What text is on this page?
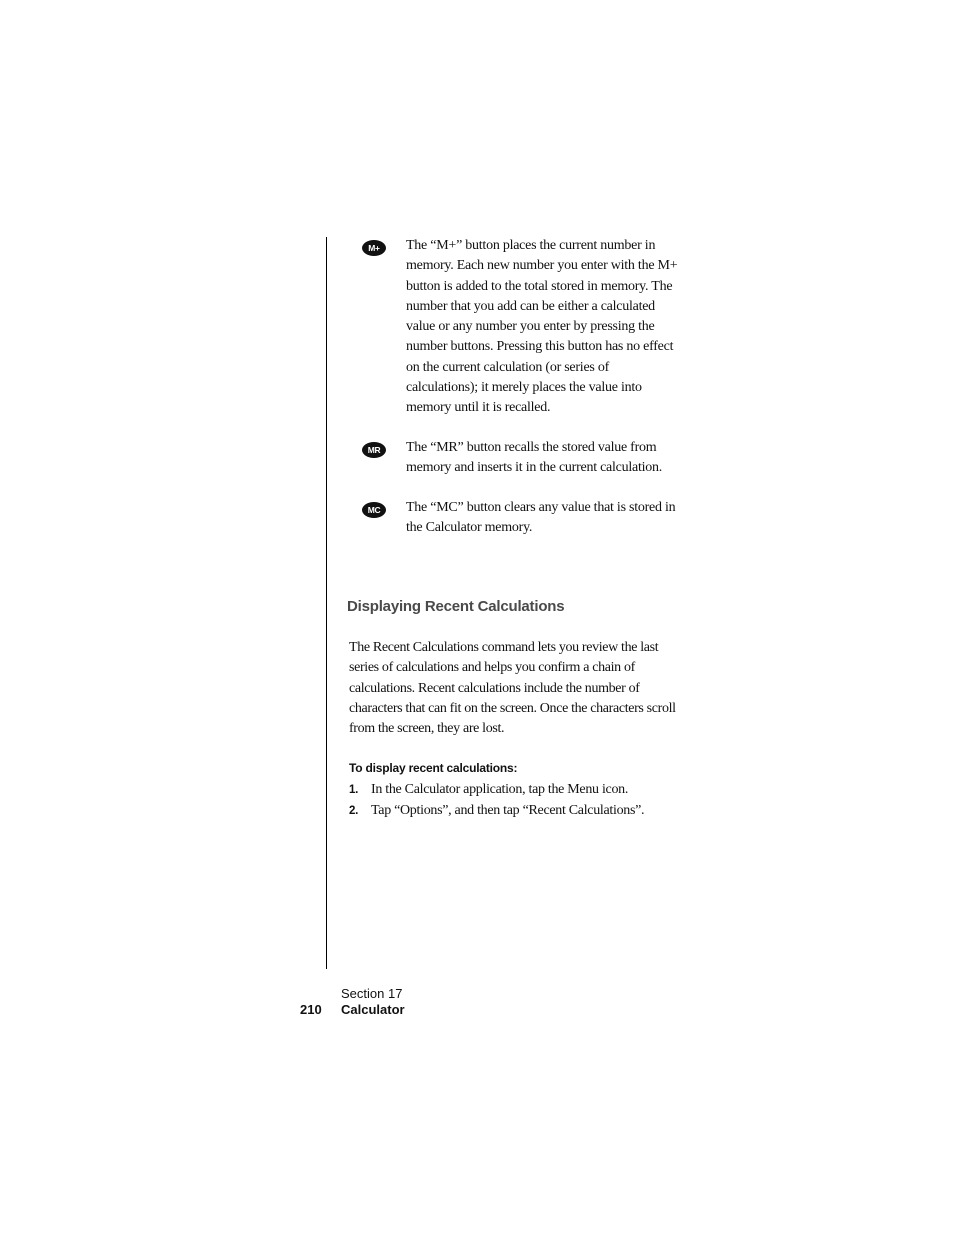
M+	The “M+” button places the current number in memory. Each new number you enter with the M+ button is added to the total stored in memory. The number that you add can be either a calculated value or any number you enter by pressing the number buttons. Pressing this button has no effect on the current calculation (or series of calculations); it merely places the value into memory until it is recalled.
MR	The “MR” button recalls the stored value from memory and inserts it in the current calculation.
MC	The “MC” button clears any value that is stored in the Calculator memory.
Displaying Recent Calculations

The Recent Calculations command lets you review the last series of calculations and helps you confirm a chain of calculations. Recent calculations include the number of characters that can fit on the screen. Once the characters scroll from the screen, they are lost.

To display recent calculations:
1. In the Calculator application, tap the Menu icon.
2. Tap “Options”, and then tap “Recent Calculations”.
Section 17
210 Calculator
